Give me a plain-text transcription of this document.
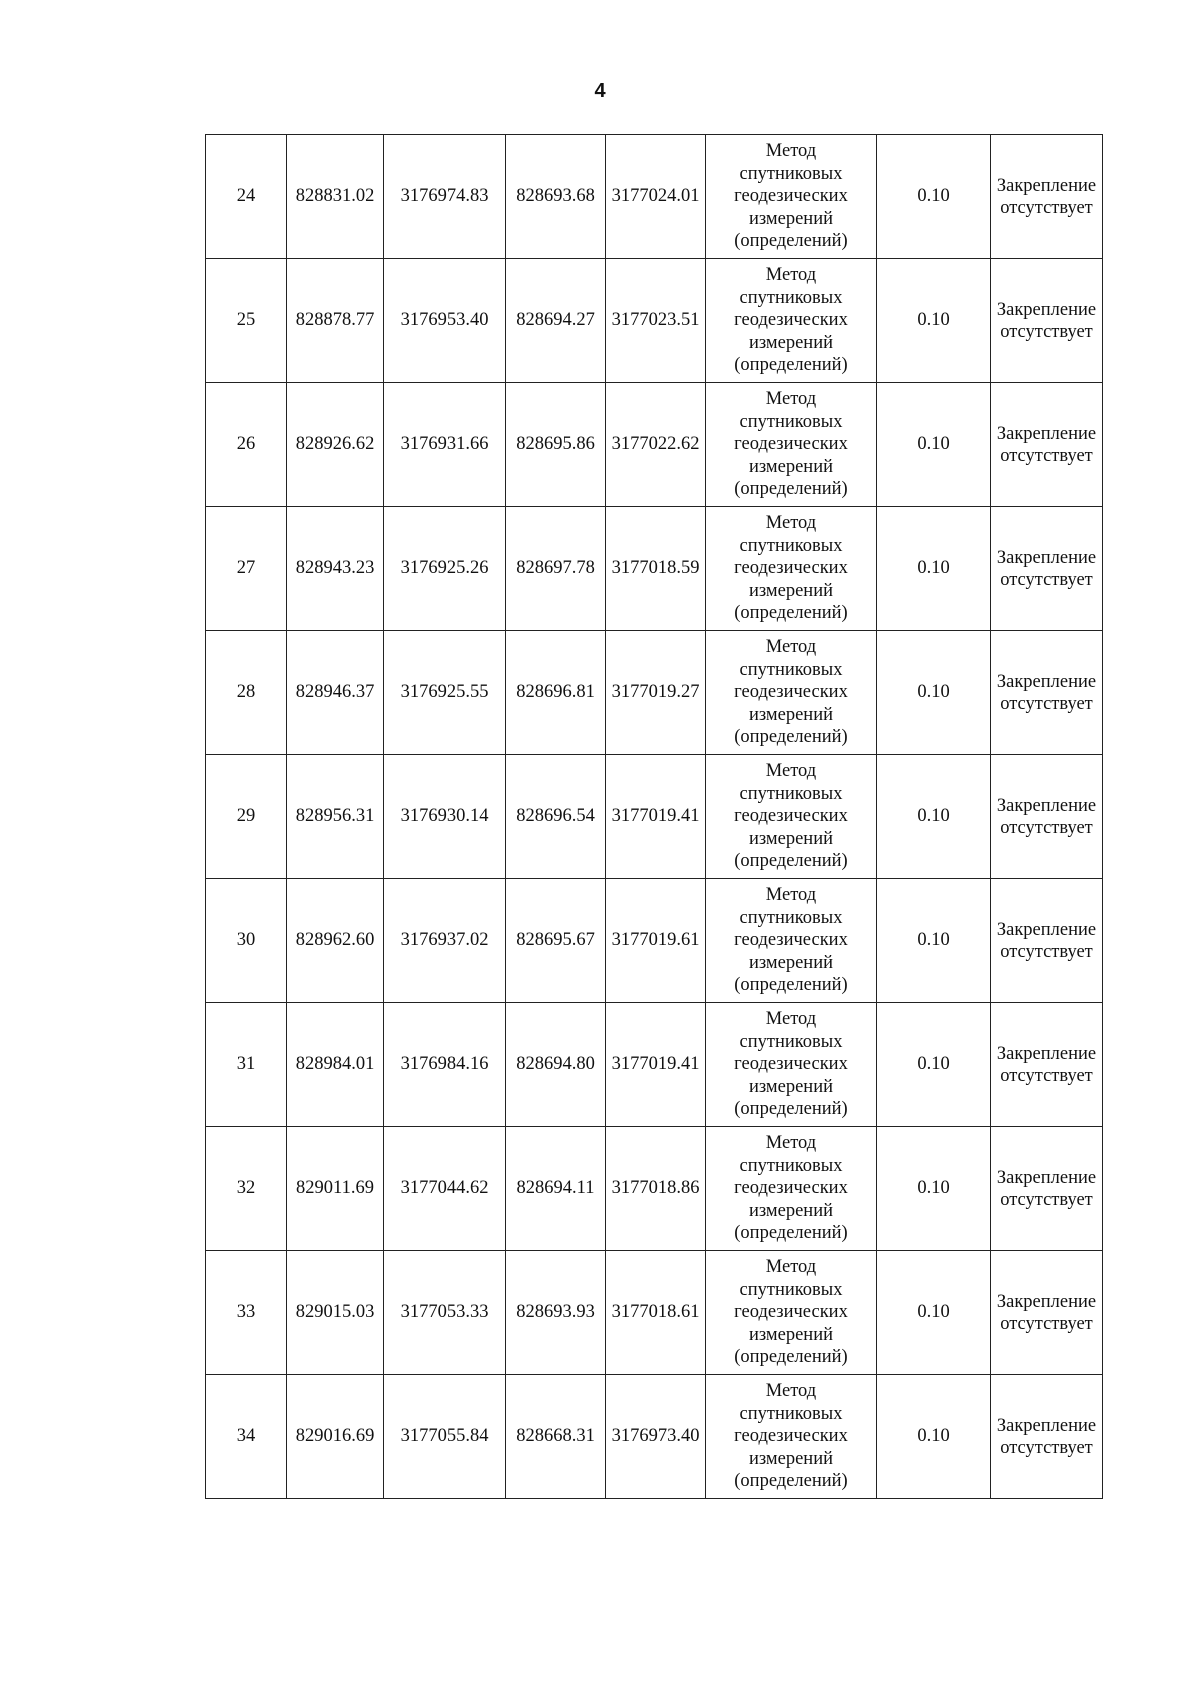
4
24	828831.02	3176974.83	828693.68	3177024.01	Метод
спутниковых
геодезических
измерений
(определений)	0.10	Закрепление
отсутствует

25	828878.77	3176953.40	828694.27	3177023.51	Метод
спутниковых
геодезических
измерений
(определений)	0.10	Закрепление
отсутствует

26	828926.62	3176931.66	828695.86	3177022.62	Метод
спутниковых
геодезических
измерений
(определений)	0.10	Закрепление
отсутствует

27	828943.23	3176925.26	828697.78	3177018.59	Метод
спутниковых
геодезических
измерений
(определений)	0.10	Закрепление
отсутствует

28	828946.37	3176925.55	828696.81	3177019.27	Метод
спутниковых
геодезических
измерений
(определений)	0.10	Закрепление
отсутствует

29	828956.31	3176930.14	828696.54	3177019.41	Метод
спутниковых
геодезических
измерений
(определений)	0.10	Закрепление
отсутствует

30	828962.60	3176937.02	828695.67	3177019.61	Метод
спутниковых
геодезических
измерений
(определений)	0.10	Закрепление
отсутствует

31	828984.01	3176984.16	828694.80	3177019.41	Метод
спутниковых
геодезических
измерений
(определений)	0.10	Закрепление
отсутствует

32	829011.69	3177044.62	828694.11	3177018.86	Метод
спутниковых
геодезических
измерений
(определений)	0.10	Закрепление
отсутствует

33	829015.03	3177053.33	828693.93	3177018.61	Метод
спутниковых
геодезических
измерений
(определений)	0.10	Закрепление
отсутствует

34	829016.69	3177055.84	828668.31	3176973.40	Метод
спутниковых
геодезических
измерений
(определений)	0.10	Закрепление
отсутствует
